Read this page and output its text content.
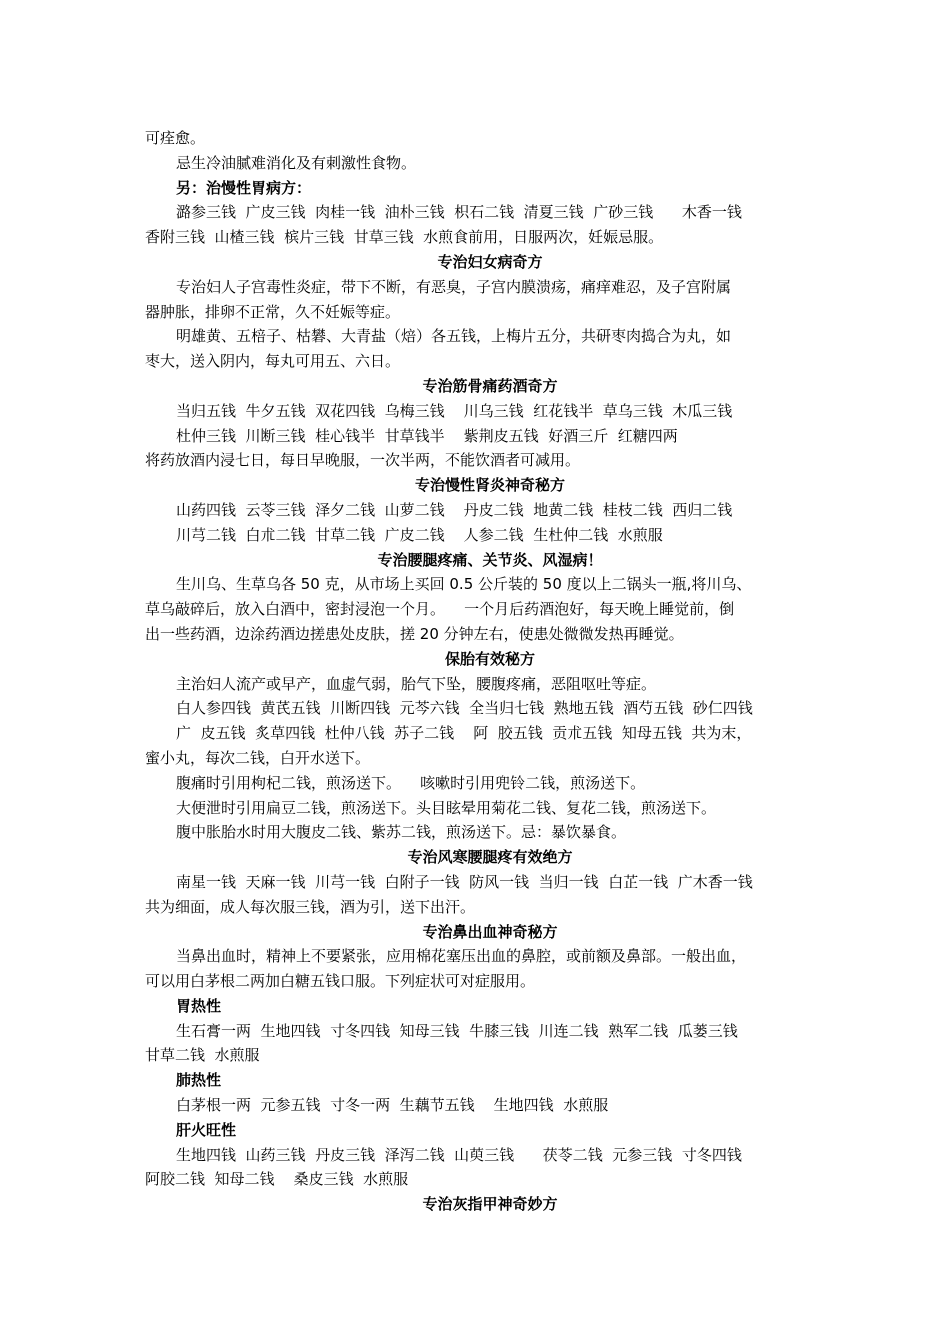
可痊愈。
忌生冷油腻难消化及有刺激性食物。
另：治慢性胃病方：
潞参三钱  广皮三钱  肉桂一钱  油朴三钱  枳石二钱  清夏三钱  广砂三钱      木香一钱
香附三钱  山楂三钱  槟片三钱  甘草三钱  水煎食前用，日服两次，妊娠忌服。
专治妇女病奇方
专治妇人子宫毒性炎症，带下不断，有恶臭，子宫内膜溃疡，痛痒难忍，及子宫附属
器肿胀，排卵不正常，久不妊娠等症。
明雄黄、五棓子、枯礬、大青盐（焙）各五钱，上梅片五分，共研枣肉捣合为丸，如
枣大，送入阴内，每丸可用五、六日。
专治筋骨痛药酒奇方
当归五钱  牛夕五钱  双花四钱  乌梅三钱    川乌三钱  红花钱半  草乌三钱  木瓜三钱
杜仲三钱  川断三钱  桂心钱半  甘草钱半    紫荆皮五钱  好酒三斤  红糖四两
将药放酒内浸七日，每日早晚服，一次半两，不能饮酒者可减用。
专治慢性肾炎神奇秘方
山药四钱  云苓三钱  泽夕二钱  山萝二钱    丹皮二钱  地黄二钱  桂枝二钱  西归二钱
川芎二钱  白朮二钱  甘草二钱  广皮二钱    人参二钱  生杜仲二钱  水煎服
专治腰腿疼痛、关节炎、风湿病！
生川乌、生草乌各 50 克，从市场上买回 0.5 公斤装的 50 度以上二锅头一瓶,将川乌、
草乌敲碎后，放入白酒中，密封浸泡一个月。    一个月后药酒泡好，每天晚上睡觉前，倒
出一些药酒，边涂药酒边搓患处皮肤，搓 20 分钟左右，使患处微微发热再睡觉。
保胎有效秘方
主治妇人流产或早产，血虚气弱，胎气下坠，腰腹疼痛，恶阻呕吐等症。
白人参四钱  黄芪五钱  川断四钱  元芩六钱  全当归七钱  熟地五钱  酒芍五钱  砂仁四钱
广  皮五钱  炙草四钱  杜仲八钱  苏子二钱    阿  胶五钱  贡朮五钱  知母五钱  共为末，
蜜小丸，每次二钱，白开水送下。
腹痛时引用枸杞二钱，煎汤送下。    咳嗽时引用兜铃二钱，煎汤送下。
大便泄时引用扁豆二钱，煎汤送下。头目眩晕用菊花二钱、复花二钱，煎汤送下。
腹中胀胎水时用大腹皮二钱、紫苏二钱，煎汤送下。忌：暴饮暴食。
专治风寒腰腿疼有效绝方
南星一钱  天麻一钱  川芎一钱  白附子一钱  防风一钱  当归一钱  白芷一钱  广木香一钱
共为细面，成人每次服三钱，酒为引，送下出汗。
专治鼻出血神奇秘方
当鼻出血时，精神上不要紧张，应用棉花塞压出血的鼻腔，或前额及鼻部。一般出血，
可以用白茅根二两加白糖五钱口服。下列症状可对症服用。
胃热性
生石膏一两  生地四钱  寸冬四钱  知母三钱  牛膝三钱  川连二钱  熟军二钱  瓜蒌三钱
甘草二钱  水煎服
肺热性
白茅根一两  元参五钱  寸冬一两  生藕节五钱    生地四钱  水煎服
肝火旺性
生地四钱  山药三钱  丹皮三钱  泽泻二钱  山萸三钱      茯苓二钱  元参三钱  寸冬四钱
阿胶二钱  知母二钱    桑皮三钱  水煎服
专治灰指甲神奇妙方
